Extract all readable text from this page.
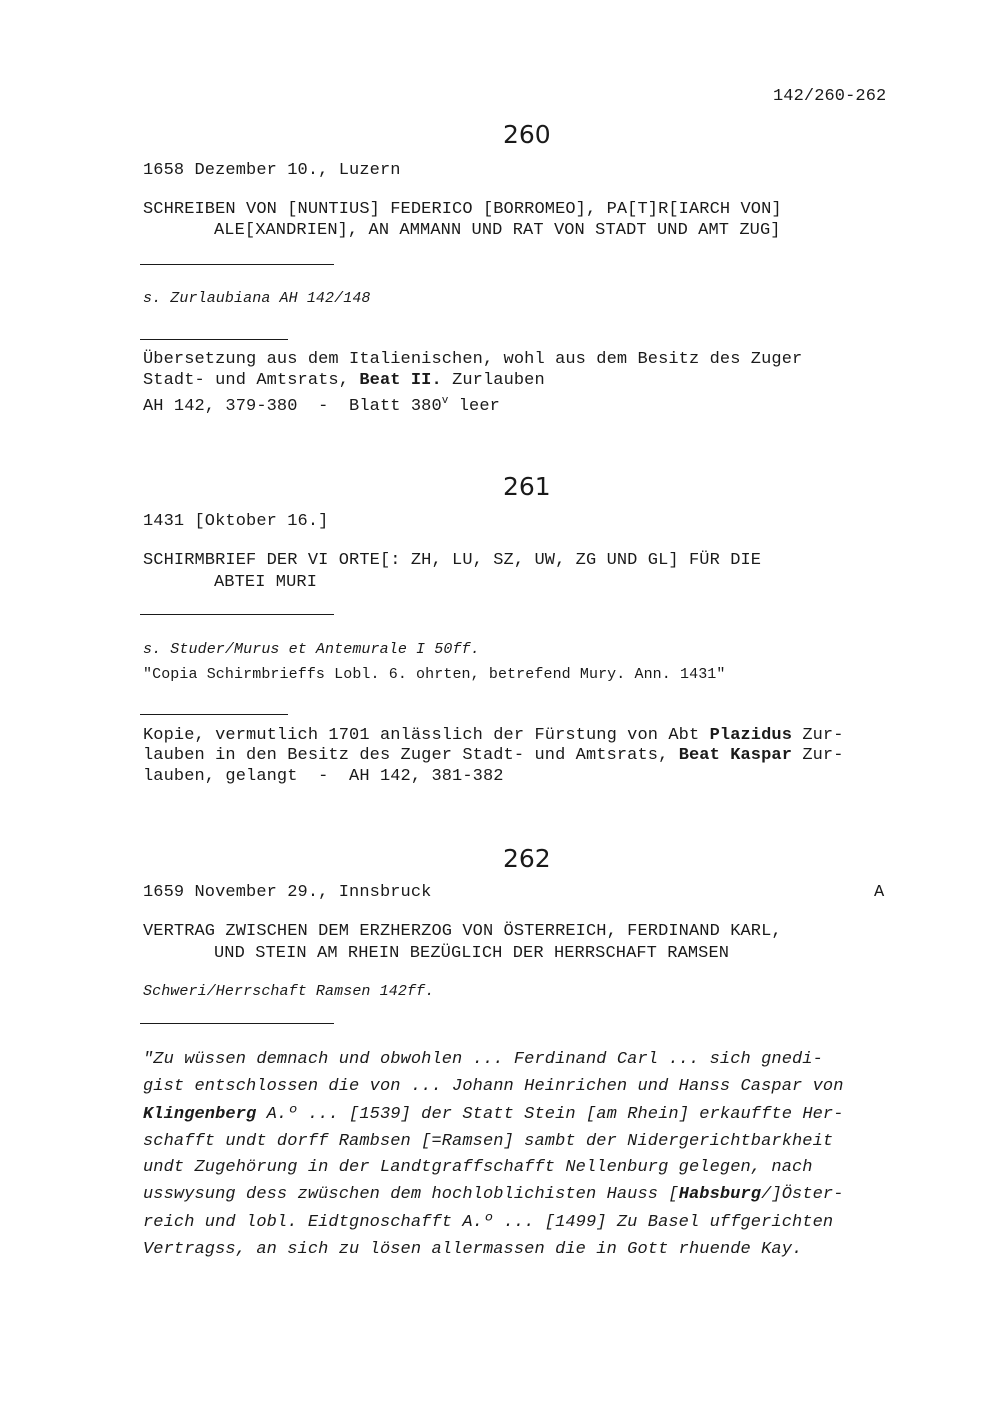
142/260-262
260
1658 Dezember 10., Luzern
SCHREIBEN VON [NUNTIUS] FEDERICO [BORROMEO], PA[T]R[IARCH VON]
ALE[XANDRIEN], AN AMMANN UND RAT VON STADT UND AMT ZUG]
s. Zurlaubiana AH 142/148
Übersetzung aus dem Italienischen, wohl aus dem Besitz des Zuger
Stadt- und Amtsrats, Beat II. Zurlauben
AH 142, 379-380  -  Blatt 380$^v$ leer
261
1431 [Oktober 16.]
SCHIRMBRIEF DER VI ORTE[: ZH, LU, SZ, UW, ZG UND GL] FÜR DIE
ABTEI MURI
s. Studer/Murus et Antemurale I 50ff.
"Copia Schirmbrieffs Lobl. 6. ohrten, betrefend Mury. Ann. 1431"
Kopie, vermutlich 1701 anlässlich der Fürstung von Abt Plazidus Zur-
lauben in den Besitz des Zuger Stadt- und Amtsrats, Beat Kaspar Zur-
lauben, gelangt  -  AH 142, 381-382
262
1659 November 29., Innsbruck	A
VERTRAG ZWISCHEN DEM ERZHERZOG VON ÖSTERREICH, FERDINAND KARL,
UND STEIN AM RHEIN BEZÜGLICH DER HERRSCHAFT RAMSEN
Schweri/Herrschaft Ramsen 142ff.
"Zu wüssen demnach und obwohlen ... Ferdinand Carl ... sich gnedi-
gist entschlossen die von ... Johann Heinrichen und Hanss Caspar von
Klingenberg A.º ... [1539] der Statt Stein [am Rhein] erkauffte Her-
schafft undt dorff Rambsen [=Ramsen] sambt der Nidergerichtbarkheit
undt Zugehörung in der Landtgraffschafft Nellenburg gelegen, nach
usswysung dess zwüschen dem hochloblichisten Hauss [Habsburg/]Öster-
reich und lobl. Eidtgnoschafft A.º ... [1499] Zu Basel uffgerichten
Vertragss, an sich zu lösen allermassen die in Gott rhuende Kay.
